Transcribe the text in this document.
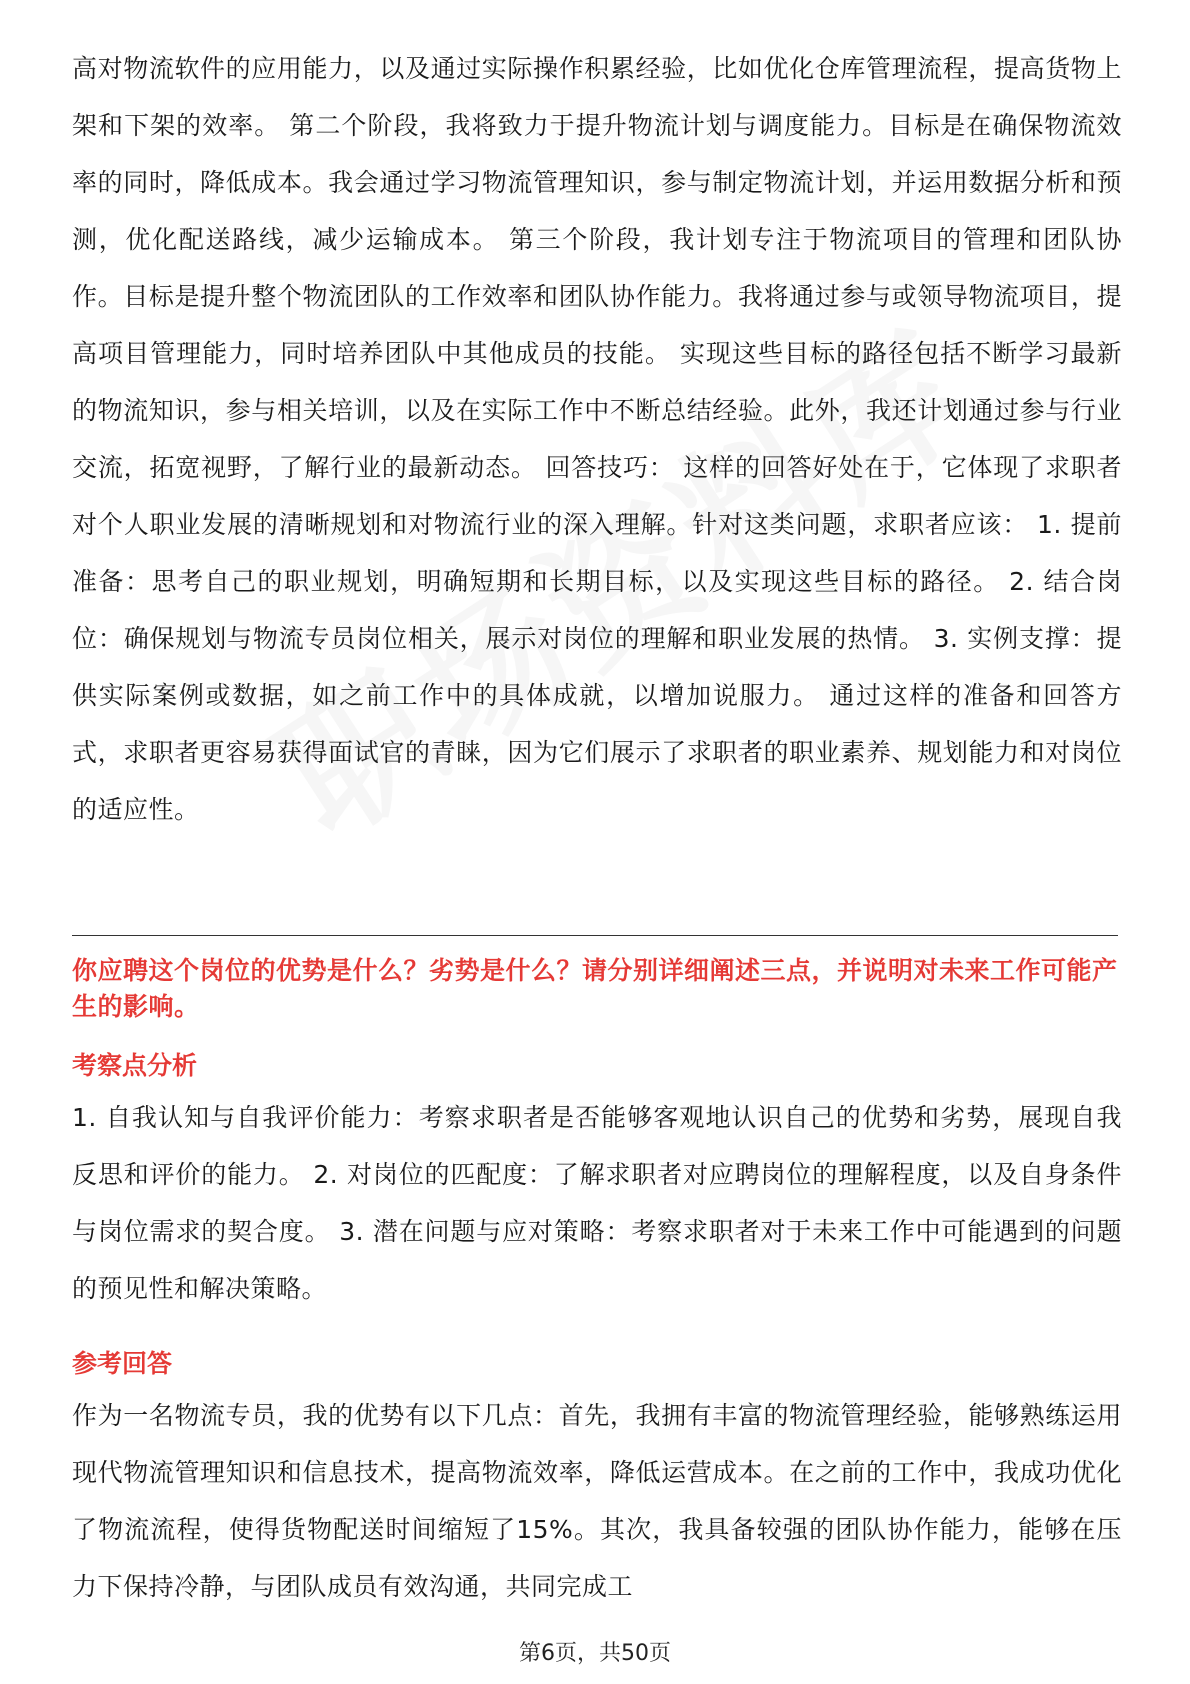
高对物流软件的应用能力，以及通过实际操作积累经验，比如优化仓库管理流程，提高货物上架和下架的效率。 第二个阶段，我将致力于提升物流计划与调度能力。目标是在确保物流效率的同时，降低成本。我会通过学习物流管理知识，参与制定物流计划，并运用数据分析和预测，优化配送路线，减少运输成本。 第三个阶段，我计划专注于物流项目的管理和团队协作。目标是提升整个物流团队的工作效率和团队协作能力。我将通过参与或领导物流项目，提高项目管理能力，同时培养团队中其他成员的技能。 实现这些目标的路径包括不断学习最新的物流知识，参与相关培训，以及在实际工作中不断总结经验。此外，我还计划通过参与行业交流，拓宽视野，了解行业的最新动态。 回答技巧： 这样的回答好处在于，它体现了求职者对个人职业发展的清晰规划和对物流行业的深入理解。针对这类问题，求职者应该： 1. 提前准备：思考自己的职业规划，明确短期和长期目标，以及实现这些目标的路径。 2. 结合岗位：确保规划与物流专员岗位相关，展示对岗位的理解和职业发展的热情。 3. 实例支撑：提供实际案例或数据，如之前工作中的具体成就，以增加说服力。 通过这样的准备和回答方式，求职者更容易获得面试官的青睐，因为它们展示了求职者的职业素养、规划能力和对岗位的适应性。

你应聘这个岗位的优势是什么？劣势是什么？请分别详细阐述三点，并说明对未来工作可能产生的影响。

考察点分析

1. 自我认知与自我评价能力：考察求职者是否能够客观地认识自己的优势和劣势，展现自我反思和评价的能力。 2. 对岗位的匹配度：了解求职者对应聘岗位的理解程度，以及自身条件与岗位需求的契合度。 3. 潜在问题与应对策略：考察求职者对于未来工作中可能遇到的问题的预见性和解决策略。

参考回答

作为一名物流专员，我的优势有以下几点：首先，我拥有丰富的物流管理经验，能够熟练运用现代物流管理知识和信息技术，提高物流效率，降低运营成本。在之前的工作中，我成功优化了物流流程，使得货物配送时间缩短了15%。其次，我具备较强的团队协作能力，能够在压力下保持冷静，与团队成员有效沟通，共同完成工

第6页，共50页
